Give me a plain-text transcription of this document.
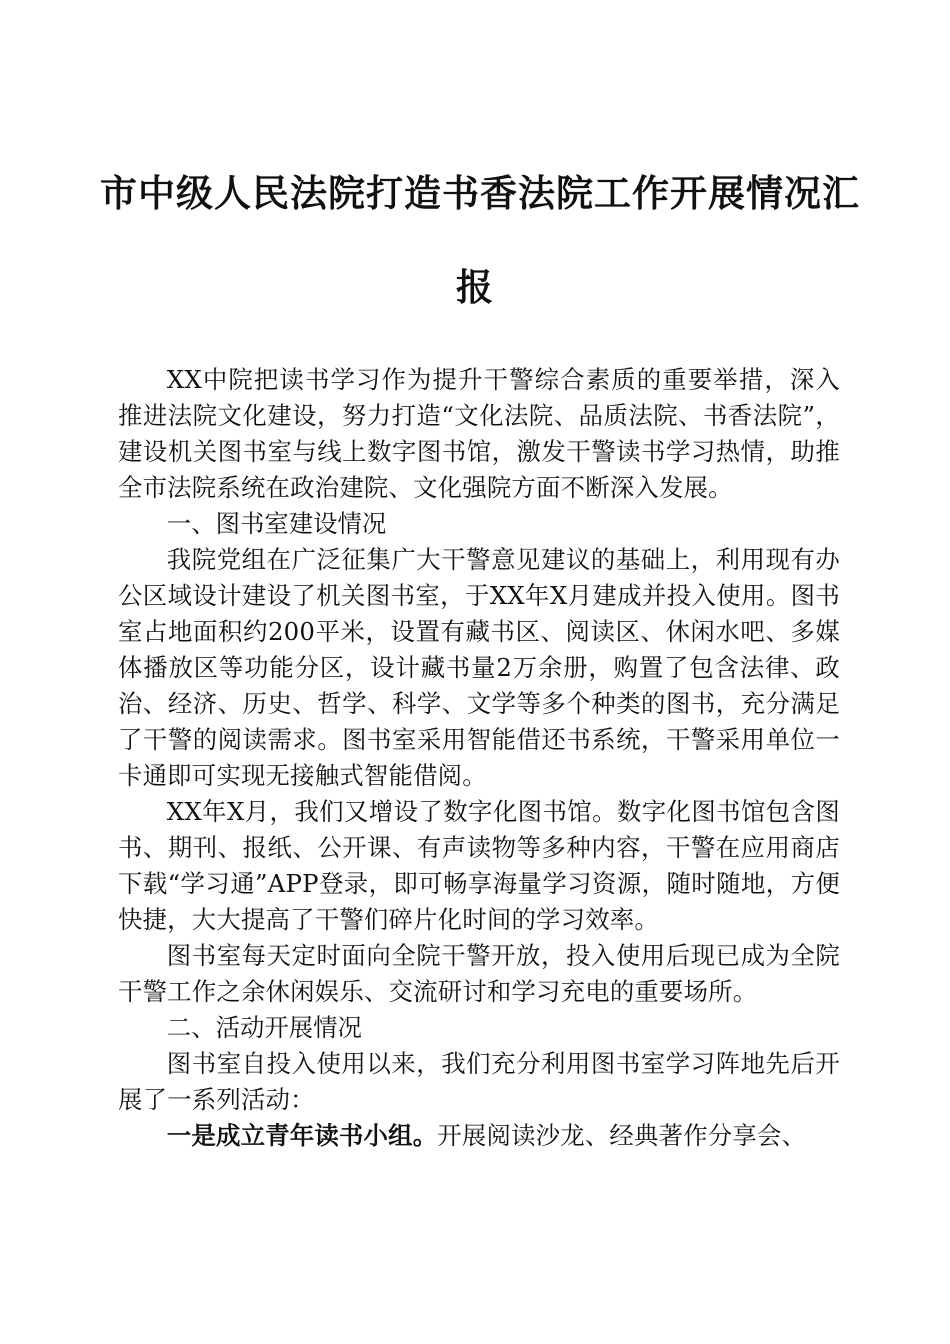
市中级人民法院打造书香法院工作开展情况汇
报

XX中院把读书学习作为提升干警综合素质的重要举措，深入推进法院文化建设，努力打造“文化法院、品质法院、书香法院”，建设机关图书室与线上数字图书馆，激发干警读书学习热情，助推全市法院系统在政治建院、文化强院方面不断深入发展。

一、图书室建设情况

我院党组在广泛征集广大干警意见建议的基础上，利用现有办公区域设计建设了机关图书室，于XX年X月建成并投入使用。图书室占地面积约200平米，设置有藏书区、阅读区、休闲水吧、多媒体播放区等功能分区，设计藏书量2万余册，购置了包含法律、政治、经济、历史、哲学、科学、文学等多个种类的图书，充分满足了干警的阅读需求。图书室采用智能借还书系统，干警采用单位一卡通即可实现无接触式智能借阅。

XX年X月，我们又增设了数字化图书馆。数字化图书馆包含图书、期刊、报纸、公开课、有声读物等多种内容，干警在应用商店下载“学习通”APP登录，即可畅享海量学习资源，随时随地，方便快捷，大大提高了干警们碎片化时间的学习效率。

图书室每天定时面向全院干警开放，投入使用后现已成为全院干警工作之余休闲娱乐、交流研讨和学习充电的重要场所。

二、活动开展情况

图书室自投入使用以来，我们充分利用图书室学习阵地先后开展了一系列活动：

一是成立青年读书小组。开展阅读沙龙、经典著作分享会、
